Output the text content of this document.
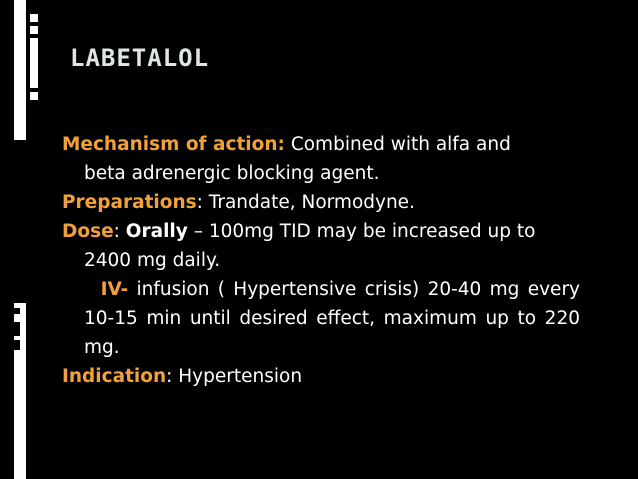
LABETALOL

Mechanism of action: Combined with alfa and
beta adrenergic blocking agent.

Preparations: Trandate, Normodyne.

Dose: Orally – 100mg TID may be increased up to 2400 mg daily.

IV- infusion ( Hypertensive crisis) 20-40 mg every 10-15 min until desired effect, maximum up to 220 mg.

Indication: Hypertension
